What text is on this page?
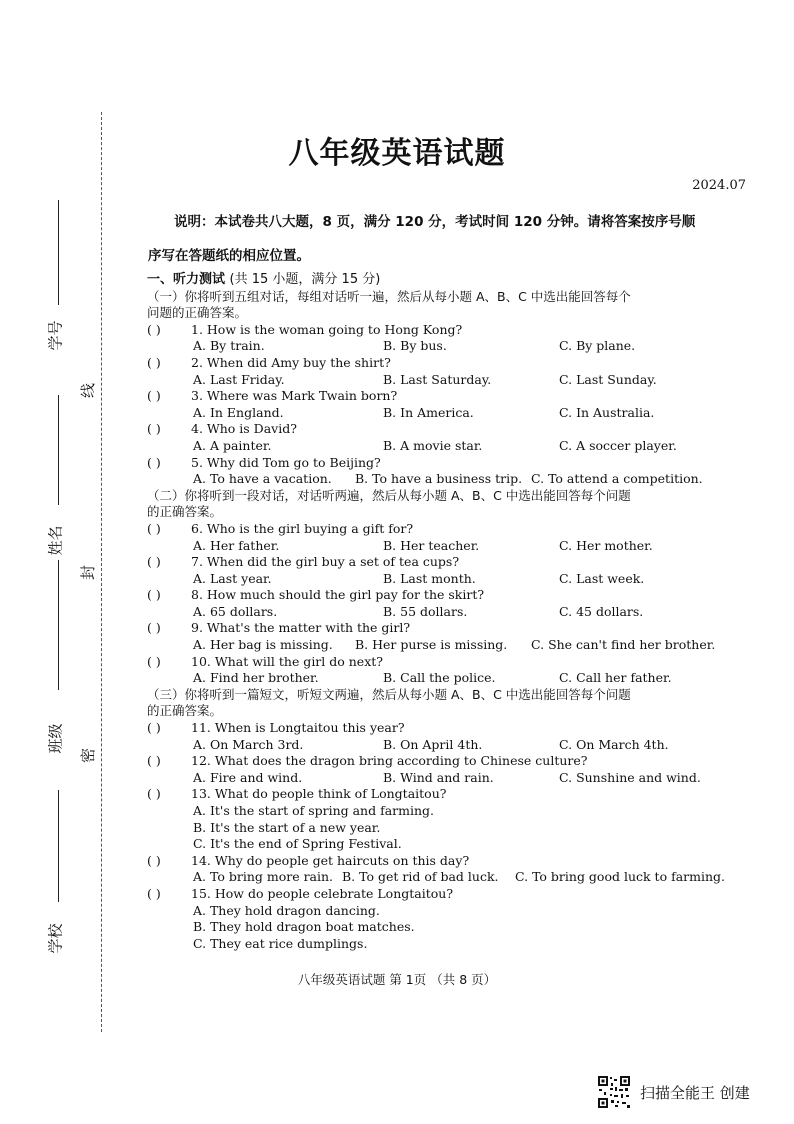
学号
线
姓名
封
班级
密
学校
八年级英语试题
2024.07
说明：本试卷共八大题，8 页，满分 120 分，考试时间 120 分钟。请将答案按序号顺
序写在答题纸的相应位置。
一、听力测试 (共 15 小题，满分 15 分)
（一）你将听到五组对话，每组对话听一遍，然后从每小题 A、B、C 中选出能回答每个
问题的正确答案。
( ) 1. How is the woman going to Hong Kong?
A. By train.	B. By bus.	C. By plane.
( ) 2. When did Amy buy the shirt?
A. Last Friday.	B. Last Saturday.	C. Last Sunday.
( ) 3. Where was Mark Twain born?
A. In England.	B. In America.	C. In Australia.
( ) 4. Who is David?
A. A painter.	B. A movie star.	C. A soccer player.
( ) 5. Why did Tom go to Beijing?
A. To have a vacation. B. To have a business trip. C. To attend a competition.
（二）你将听到一段对话，对话听两遍，然后从每小题 A、B、C 中选出能回答每个问题
的正确答案。
( ) 6. Who is the girl buying a gift for?
A. Her father.	B. Her teacher.	C. Her mother.
( ) 7. When did the girl buy a set of tea cups?
A. Last year.	B. Last month.	C. Last week.
( ) 8. How much should the girl pay for the skirt?
A. 65 dollars.	B. 55 dollars.	C. 45 dollars.
( ) 9. What's the matter with the girl?
A. Her bag is missing. B. Her purse is missing. C. She can't find her brother.
( ) 10. What will the girl do next?
A. Find her brother.	B. Call the police.	C. Call her father.
（三）你将听到一篇短文，听短文两遍，然后从每小题 A、B、C 中选出能回答每个问题
的正确答案。
( ) 11. When is Longtaitou this year?
A. On March 3rd.	B. On April 4th.	C. On March 4th.
( ) 12. What does the dragon bring according to Chinese culture?
A. Fire and wind.	B. Wind and rain.	C. Sunshine and wind.
( ) 13. What do people think of Longtaitou?
A. It's the start of spring and farming.
B. It's the start of a new year.
C. It's the end of Spring Festival.
( ) 14. Why do people get haircuts on this day?
A. To bring more rain. B. To get rid of bad luck. C. To bring good luck to farming.
( ) 15. How do people celebrate Longtaitou?
A. They hold dragon dancing.
B. They hold dragon boat matches.
C. They eat rice dumplings.
八年级英语试题 第 1页 （共 8 页）
扫描全能王 创建
